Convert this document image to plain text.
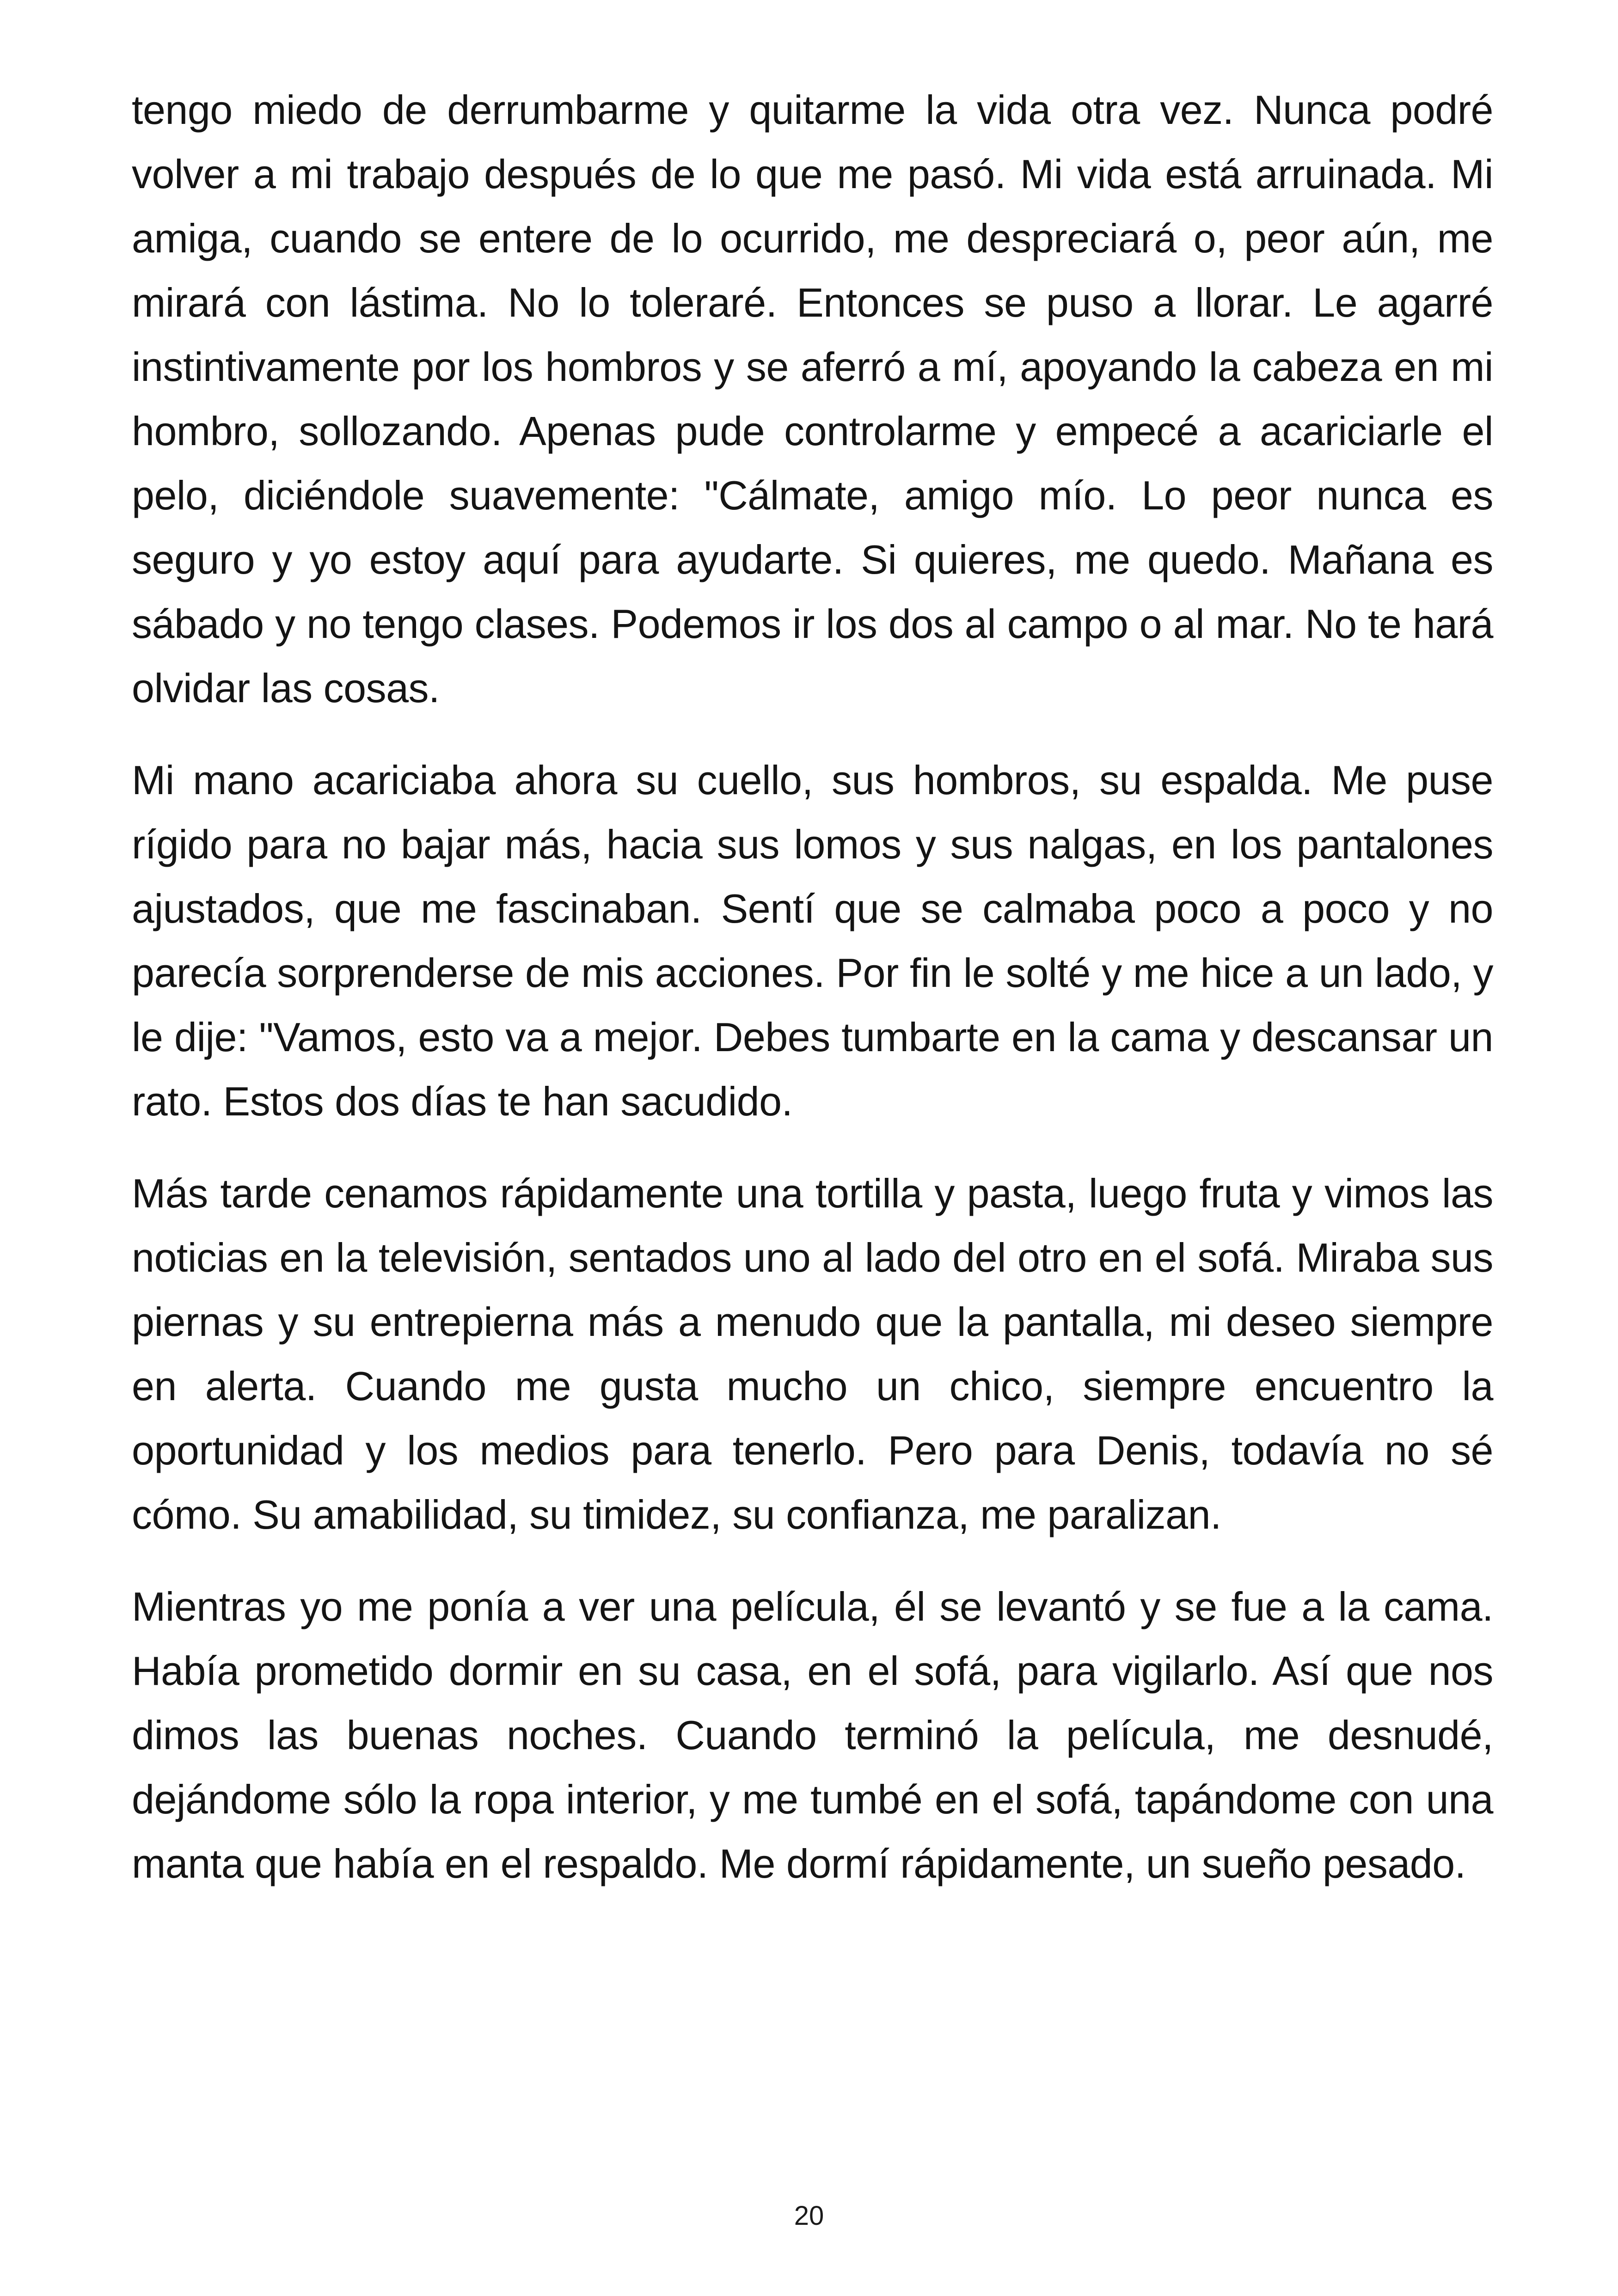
tengo miedo de derrumbarme y quitarme la vida otra vez. Nunca podré volver a mi trabajo después de lo que me pasó. Mi vida está arruinada. Mi amiga, cuando se entere de lo ocurrido, me despreciará o, peor aún, me mirará con lástima. No lo toleraré. Entonces se puso a llorar. Le agarré instintivamente por los hombros y se aferró a mí, apoyando la cabeza en mi hombro, sollozando. Apenas pude controlarme y empecé a acariciarle el pelo, diciéndole suavemente: "Cálmate, amigo mío. Lo peor nunca es seguro y yo estoy aquí para ayudarte. Si quieres, me quedo. Mañana es sábado y no tengo clases. Podemos ir los dos al campo o al mar. No te hará olvidar las cosas.

Mi mano acariciaba ahora su cuello, sus hombros, su espalda. Me puse rígido para no bajar más, hacia sus lomos y sus nalgas, en los pantalones ajustados, que me fascinaban. Sentí que se calmaba poco a poco y no parecía sorprenderse de mis acciones. Por fin le solté y me hice a un lado, y le dije: "Vamos, esto va a mejor. Debes tumbarte en la cama y descansar un rato. Estos dos días te han sacudido.

Más tarde cenamos rápidamente una tortilla y pasta, luego fruta y vimos las noticias en la televisión, sentados uno al lado del otro en el sofá. Miraba sus piernas y su entrepierna más a menudo que la pantalla, mi deseo siempre en alerta. Cuando me gusta mucho un chico, siempre encuentro la oportunidad y los medios para tenerlo. Pero para Denis, todavía no sé cómo. Su amabilidad, su timidez, su confianza, me paralizan.

Mientras yo me ponía a ver una película, él se levantó y se fue a la cama. Había prometido dormir en su casa, en el sofá, para vigilarlo. Así que nos dimos las buenas noches. Cuando terminó la película, me desnudé, dejándome sólo la ropa interior, y me tumbé en el sofá, tapándome con una manta que había en el respaldo. Me dormí rápidamente, un sueño pesado.

20
